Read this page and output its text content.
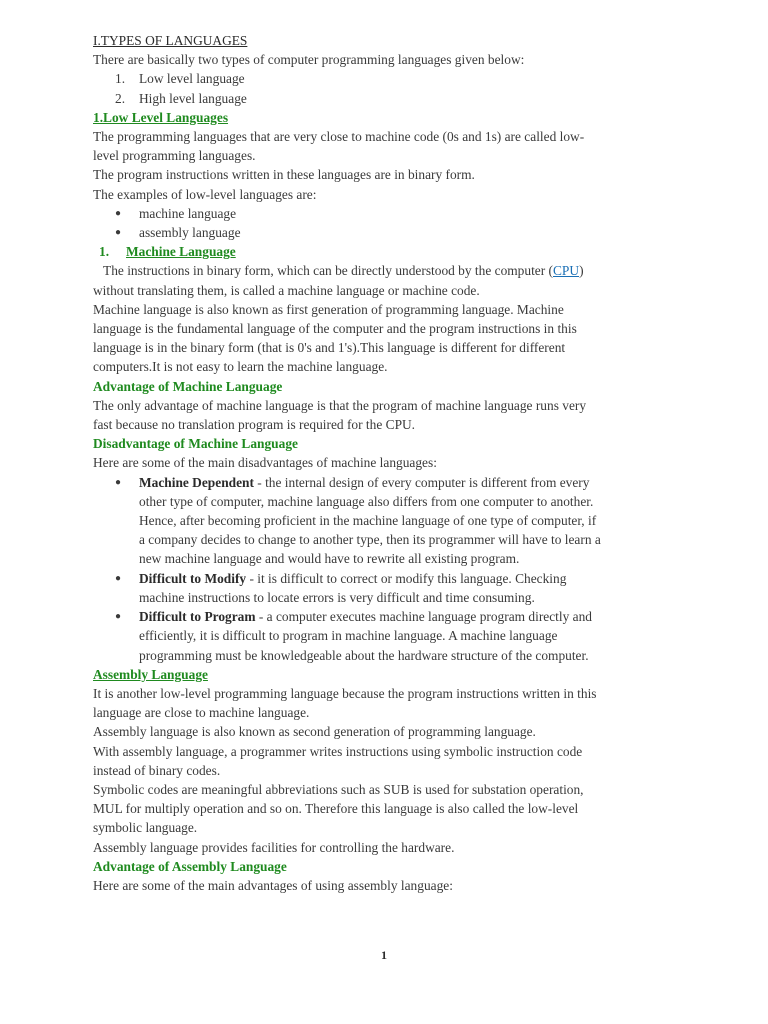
I.TYPES OF LANGUAGES
There are basically two types of computer programming languages given below:
1.	Low level language
2.	High level language
1.Low Level Languages
The programming languages that are very close to machine code (0s and 1s) are called low-
level programming languages.
The program instructions written in these languages are in binary form.
The examples of low-level languages are:
● machine language
● assembly language
1. Machine Language
The instructions in binary form, which can be directly understood by the computer (CPU)
without translating them, is called a machine language or machine code.
Machine language is also known as first generation of programming language. Machine
language is the fundamental language of the computer and the program instructions in this
language is in the binary form (that is 0's and 1's).This language is different for different
computers.It is not easy to learn the machine language.
Advantage of Machine Language
The only advantage of machine language is that the program of machine language runs very
fast because no translation program is required for the CPU.
Disadvantage of Machine Language
Here are some of the main disadvantages of machine languages:
● Machine Dependent - the internal design of every computer is different from every
other type of computer, machine language also differs from one computer to another.
Hence, after becoming proficient in the machine language of one type of computer, if
a company decides to change to another type, then its programmer will have to learn a
new machine language and would have to rewrite all existing program.
● Difficult to Modify - it is difficult to correct or modify this language. Checking
machine instructions to locate errors is very difficult and time consuming.
● Difficult to Program - a computer executes machine language program directly and
efficiently, it is difficult to program in machine language. A machine language
programming must be knowledgeable about the hardware structure of the computer.
Assembly Language
It is another low-level programming language because the program instructions written in this
language are close to machine language.
Assembly language is also known as second generation of programming language.
With assembly language, a programmer writes instructions using symbolic instruction code
instead of binary codes.
Symbolic codes are meaningful abbreviations such as SUB is used for substation operation,
MUL for multiply operation and so on. Therefore this language is also called the low-level
symbolic language.
Assembly language provides facilities for controlling the hardware.
Advantage of Assembly Language
Here are some of the main advantages of using assembly language:
1
